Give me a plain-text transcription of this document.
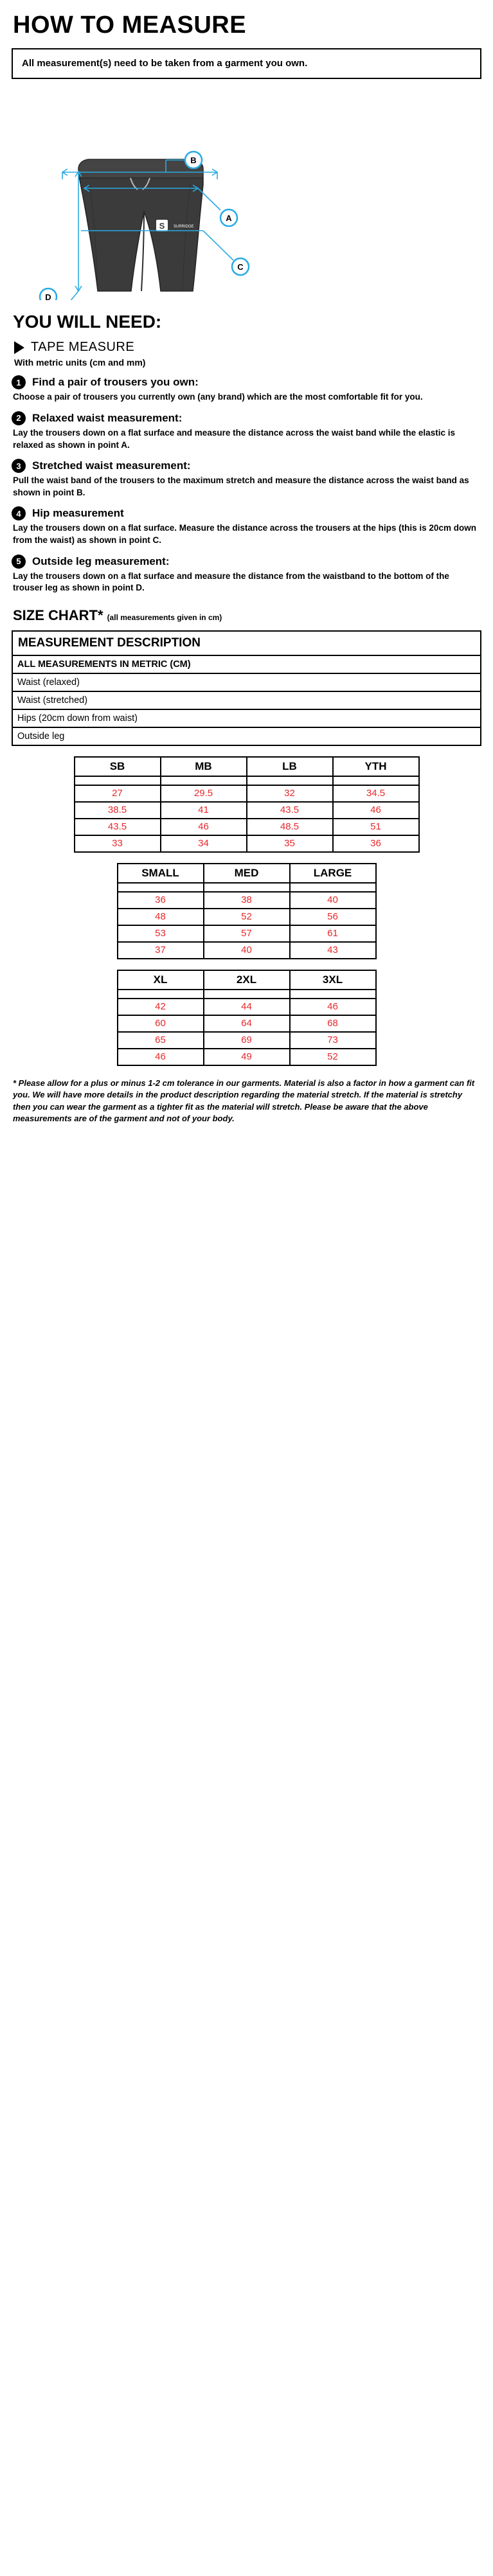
HOW TO MEASURE
All measurement(s) need to be taken from a garment you own.
S SURRIDGE
B
A
C
D
YOU WILL NEED:
TAPE MEASURE
With metric units (cm and mm)
1	Find a pair of trousers you own:
Choose a pair of trousers you currently own (any brand) which are the most comfortable fit for you.
2	Relaxed waist measurement:
Lay the trousers down on a flat surface and measure the distance across the waist band while the elastic is relaxed as shown in point A.
3	Stretched waist measurement:
Pull the waist band of the trousers to the maximum stretch and measure the distance across the waist band as shown in point B.
4	Hip measurement
Lay the trousers down on a flat surface. Measure the distance across the trousers at the hips (this is 20cm down from the waist) as shown in point C.
5	Outside leg measurement:
Lay the trousers down on a flat surface and measure the distance from the waistband to the bottom of the trouser leg as shown in point D.
SIZE CHART* (all measurements given in cm)
MEASUREMENT DESCRIPTION
ALL MEASUREMENTS IN METRIC (CM)
Waist (relaxed)
Waist (stretched)
Hips (20cm down from waist)
Outside leg
SB	MB	LB	YTH

27	29.5	32	34.5
38.5	41	43.5	46
43.5	46	48.5	51
33	34	35	36
SMALL	MED	LARGE

36	38	40
48	52	56
53	57	61
37	40	43
XL	2XL	3XL

42	44	46
60	64	68
65	69	73
46	49	52
* Please allow for a plus or minus 1-2 cm tolerance in our garments. Material is also a factor in how a garment can fit you. We will have more details in the product description regarding the material stretch. If the material is stretchy then you can wear the garment as a tighter fit as the material will stretch. Please be aware that the above measurements are of the garment and not of your body.
